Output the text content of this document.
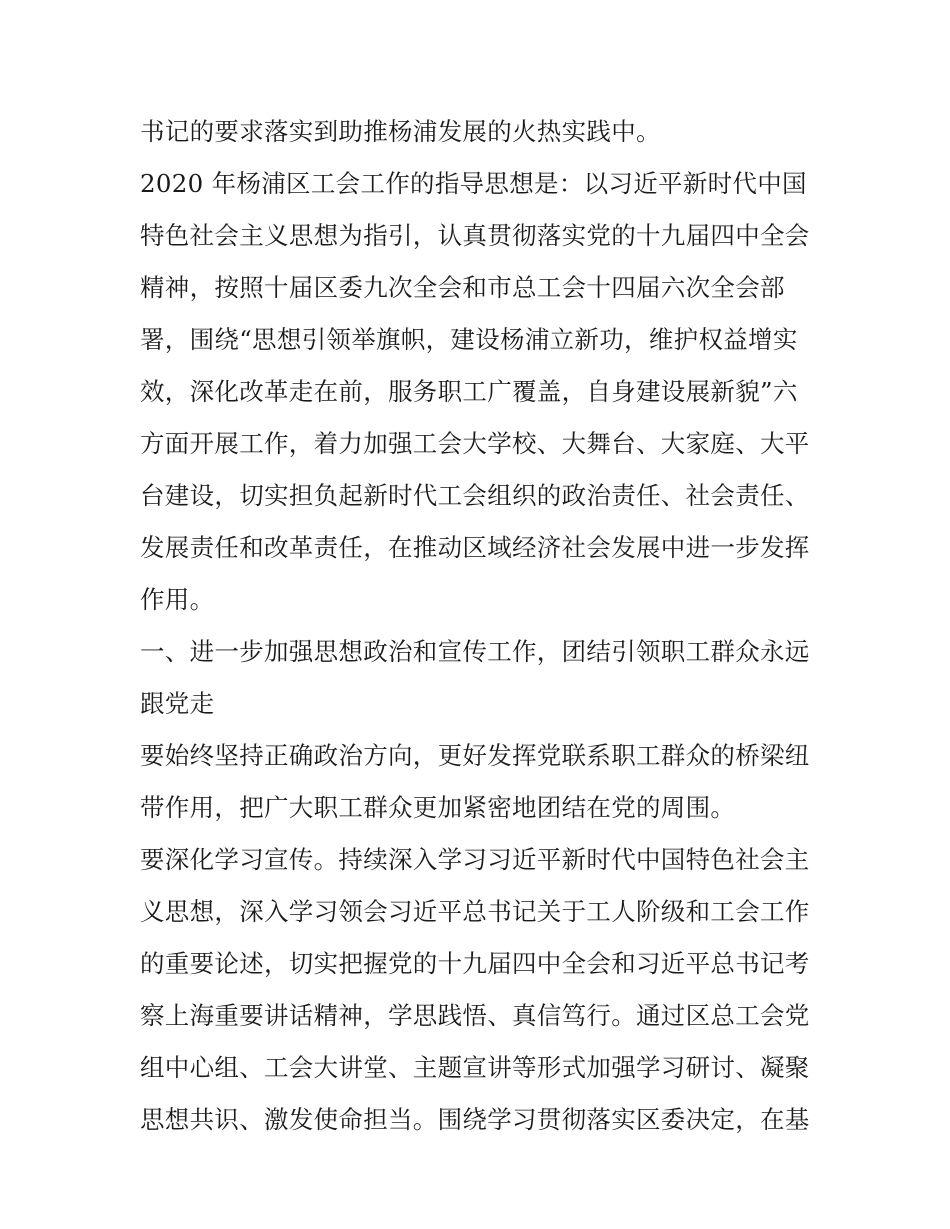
书记的要求落实到助推杨浦发展的火热实践中。
2020 年杨浦区工会工作的指导思想是：以习近平新时代中国
特色社会主义思想为指引，认真贯彻落实党的十九届四中全会
精神，按照十届区委九次全会和市总工会十四届六次全会部
署，围绕“思想引领举旗帜，建设杨浦立新功，维护权益增实
效，深化改革走在前，服务职工广覆盖，自身建设展新貌”六
方面开展工作，着力加强工会大学校、大舞台、大家庭、大平
台建设，切实担负起新时代工会组织的政治责任、社会责任、
发展责任和改革责任，在推动区域经济社会发展中进一步发挥
作用。
一、进一步加强思想政治和宣传工作，团结引领职工群众永远
跟党走
要始终坚持正确政治方向，更好发挥党联系职工群众的桥梁纽
带作用，把广大职工群众更加紧密地团结在党的周围。
要深化学习宣传。持续深入学习习近平新时代中国特色社会主
义思想，深入学习领会习近平总书记关于工人阶级和工会工作
的重要论述，切实把握党的十九届四中全会和习近平总书记考
察上海重要讲话精神，学思践悟、真信笃行。通过区总工会党
组中心组、工会大讲堂、主题宣讲等形式加强学习研讨、凝聚
思想共识、激发使命担当。围绕学习贯彻落实区委决定，在基
